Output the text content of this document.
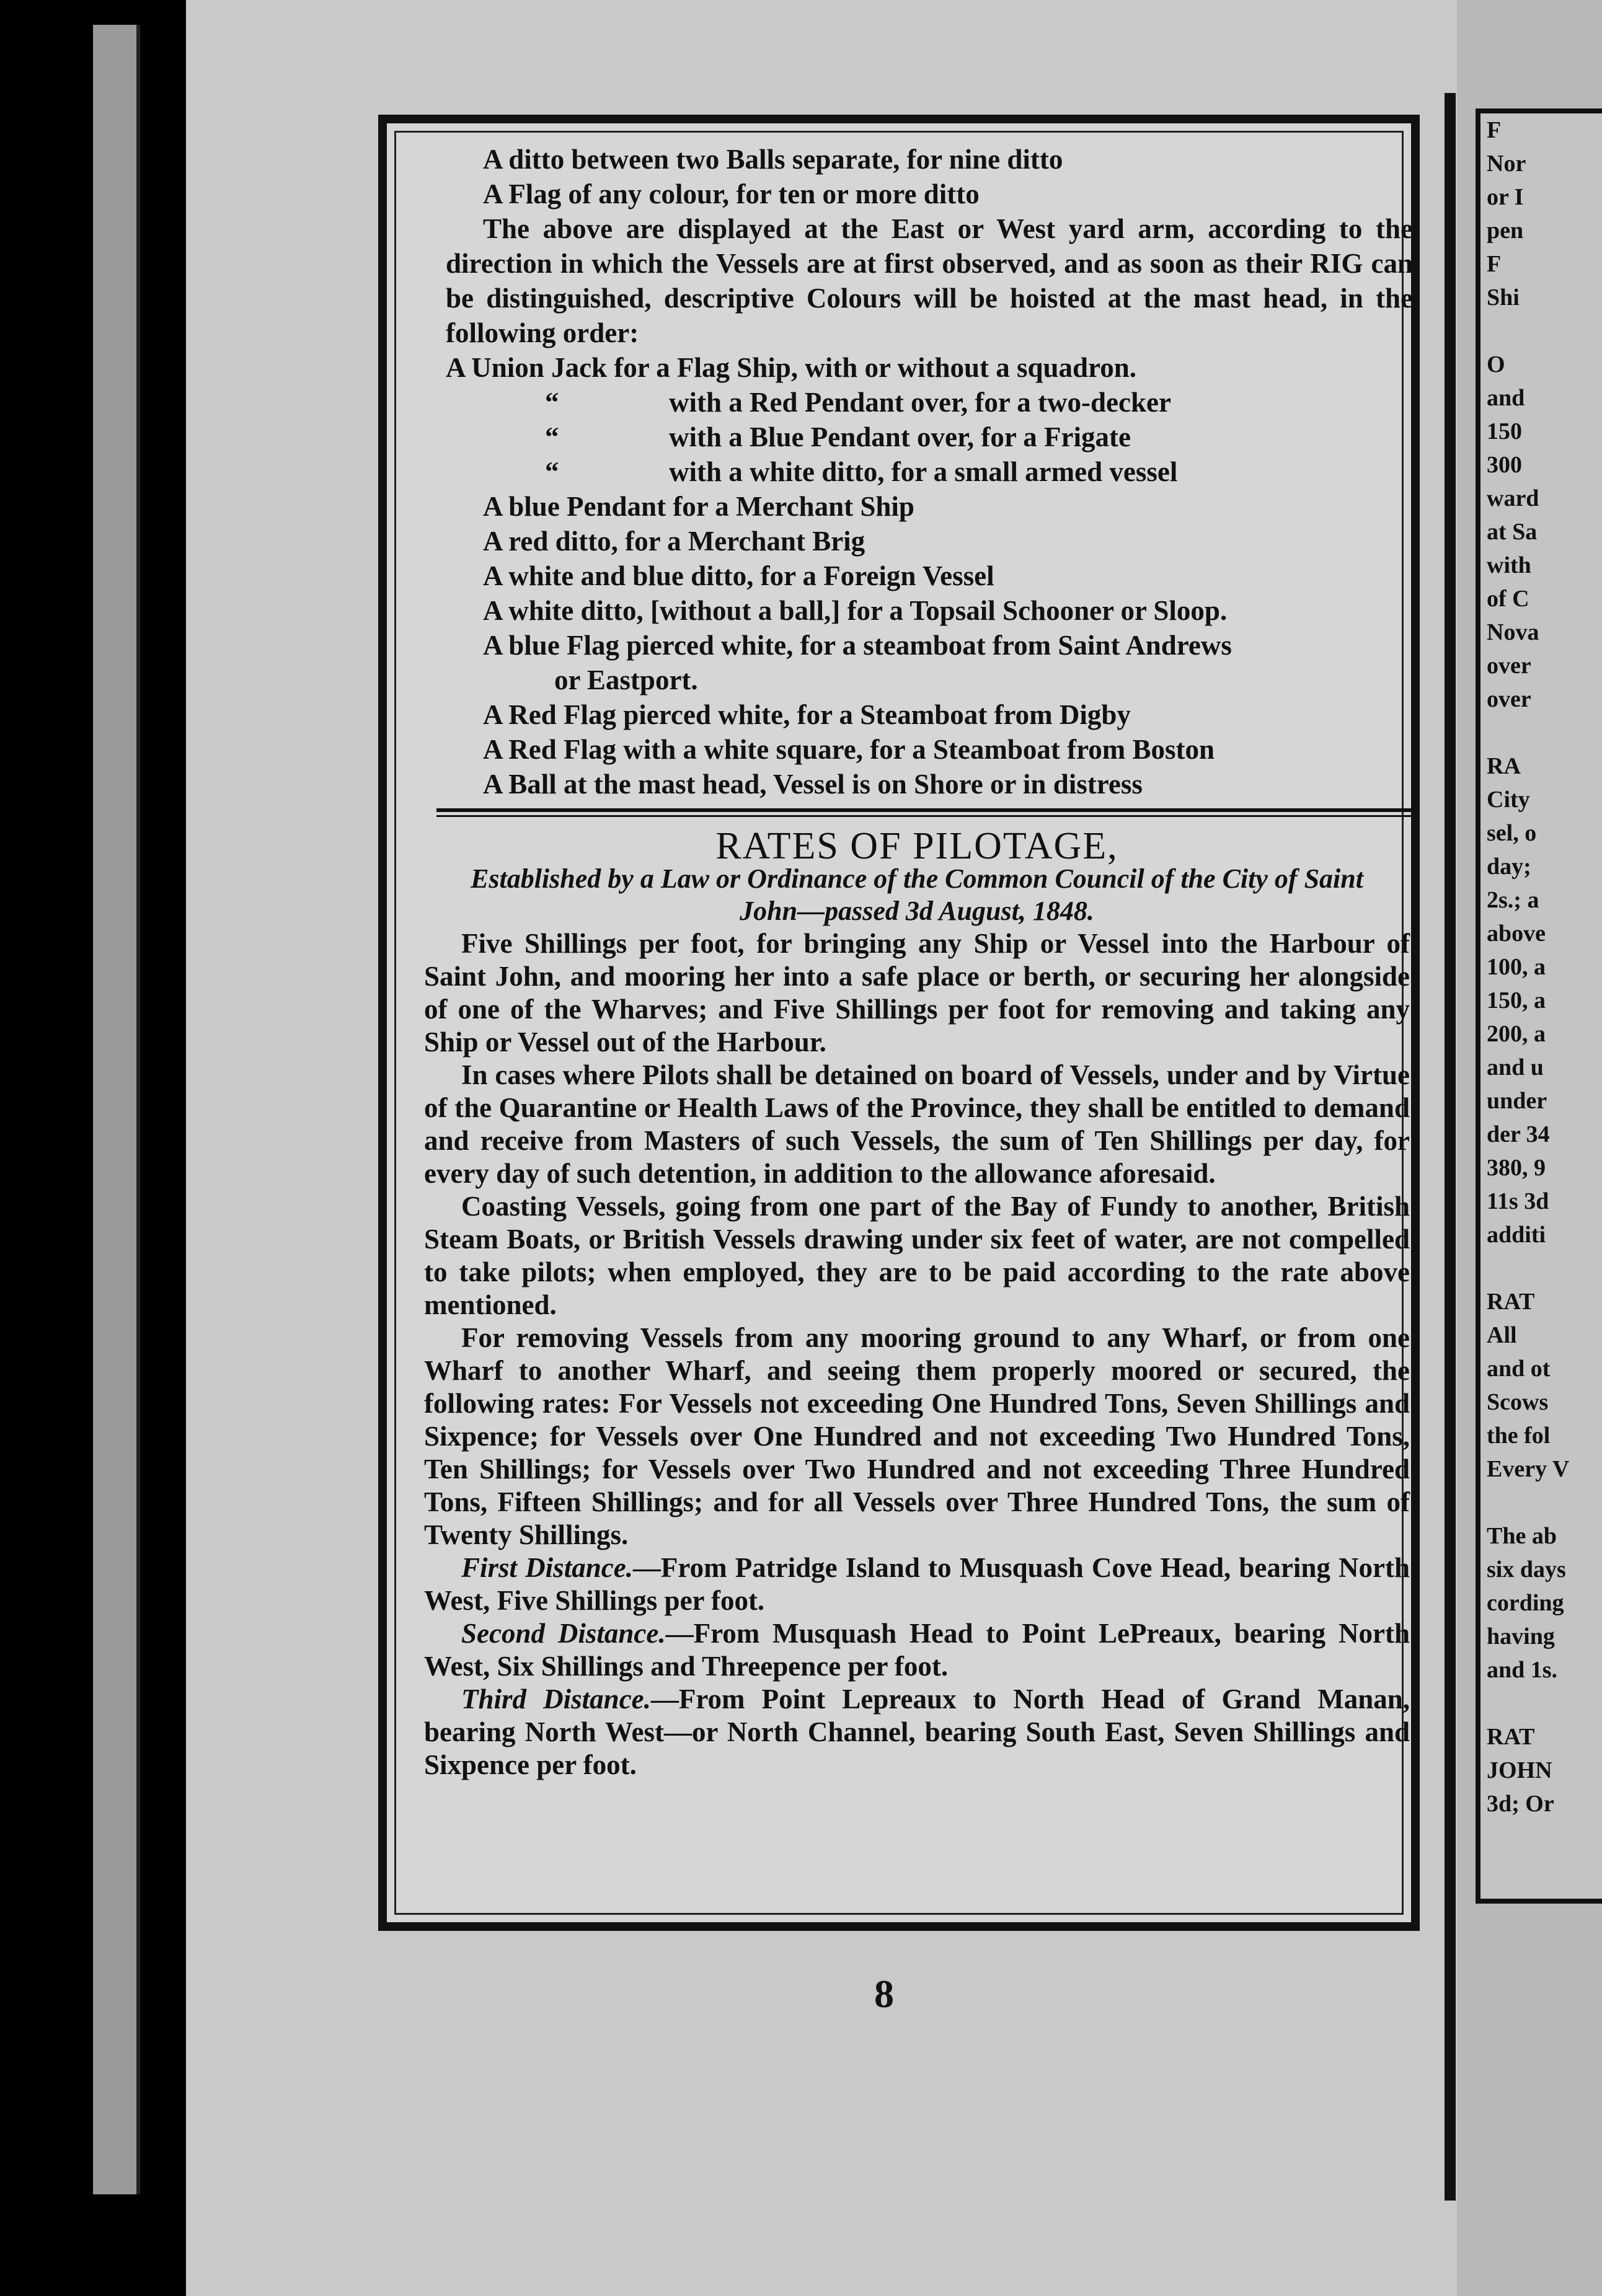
F
Nor
or I
pen
F
Shi

O
and
150
300
ward
at Sa
with
of C
Nova
over
over

RA
City
sel, o
day;
2s.; a
above
100, a
150, a
200, a
and u
under
der 34
380, 9
11s 3d
additi

RAT
All
and ot
Scows
the fol
Every V

The ab
six days
cording
having
and 1s.

RAT
JOHN
3d; Or
A ditto between two Balls separate, for nine ditto
A Flag of any colour, for ten or more ditto
The above are displayed at the East or West yard arm, according to the direction in which the Vessels are at first observed, and as soon as their RIG can be distinguished, descriptive Colours will be hoisted at the mast head, in the following order:
A Union Jack for a Flag Ship, with or without a squadron.
“	with a Red Pendant over, for a two-decker
“	with a Blue Pendant over, for a Frigate
“	with a white ditto, for a small armed vessel
A blue Pendant for a Merchant Ship
A red ditto, for a Merchant Brig
A white and blue ditto, for a Foreign Vessel
A white ditto, [without a ball,] for a Topsail Schooner or Sloop.
A blue Flag pierced white, for a steamboat from Saint Andrews
or Eastport.
A Red Flag pierced white, for a Steamboat from Digby
A Red Flag with a white square, for a Steamboat from Boston
A Ball at the mast head, Vessel is on Shore or in distress
RATES OF PILOTAGE,
Established by a Law or Ordinance of the Common Council of the City of Saint John—passed 3d August, 1848.

Five Shillings per foot, for bringing any Ship or Vessel into the Harbour of Saint John, and mooring her into a safe place or berth, or securing her alongside of one of the Wharves; and Five Shillings per foot for removing and taking any Ship or Vessel out of the Harbour.

In cases where Pilots shall be detained on board of Vessels, under and by Virtue of the Quarantine or Health Laws of the Province, they shall be entitled to demand and receive from Masters of such Vessels, the sum of Ten Shillings per day, for every day of such detention, in addition to the allowance aforesaid.

Coasting Vessels, going from one part of the Bay of Fundy to another, British Steam Boats, or British Vessels drawing under six feet of water, are not compelled to take pilots; when employed, they are to be paid according to the rate above mentioned.

For removing Vessels from any mooring ground to any Wharf, or from one Wharf to another Wharf, and seeing them properly moored or secured, the following rates: For Vessels not exceeding One Hundred Tons, Seven Shillings and Sixpence; for Vessels over One Hundred and not exceeding Two Hundred Tons, Ten Shillings; for Vessels over Two Hundred and not exceeding Three Hundred Tons, Fifteen Shillings; and for all Vessels over Three Hundred Tons, the sum of Twenty Shillings.

First Distance.—From Patridge Island to Musquash Cove Head, bearing North West, Five Shillings per foot.

Second Distance.—From Musquash Head to Point LePreaux, bearing North West, Six Shillings and Threepence per foot.

Third Distance.—From Point Lepreaux to North Head of Grand Manan, bearing North West—or North Channel, bearing South East, Seven Shillings and Sixpence per foot.

8
